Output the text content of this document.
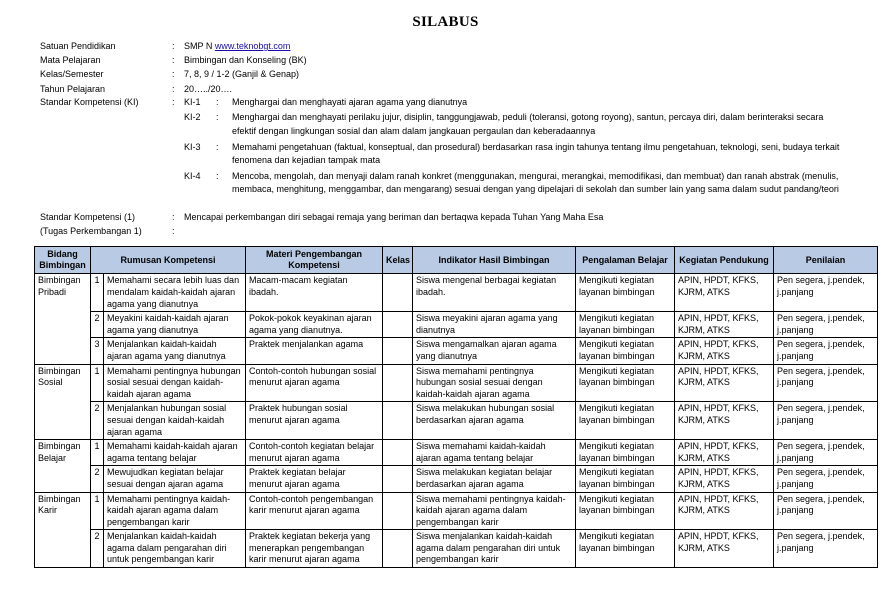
SILABUS
Satuan Pendidikan	:	SMP N www.teknobgt.com
Mata Pelajaran	:	Bimbingan dan Konseling (BK)
Kelas/Semester	:	7, 8, 9 / 1-2 (Ganjil & Genap)
Tahun Pelajaran	:	20…../20….
Standar Kompetensi (KI)	:	KI-1	:	Menghargai dan menghayati ajaran agama yang dianutnya
KI-2	:	Menghargai dan menghayati perilaku jujur, disiplin, tanggungjawab, peduli (toleransi, gotong royong), santun, percaya diri, dalam berinteraksi secara efektif dengan lingkungan sosial dan alam dalam jangkauan pergaulan dan keberadaannya
KI-3	:	Memahami pengetahuan (faktual, konseptual, dan prosedural) berdasarkan rasa ingin tahunya tentang ilmu pengetahuan, teknologi, seni, budaya terkait fenomena dan kejadian tampak mata
KI-4	:	Mencoba, mengolah, dan menyaji dalam ranah konkret (menggunakan, mengurai, merangkai, memodifikasi, dan membuat) dan ranah abstrak (menulis, membaca, menghitung, menggambar, dan mengarang) sesuai dengan yang dipelajari di sekolah dan sumber lain yang sama dalam sudut pandang/teori
Standar Kompetensi (1)	:	Mencapai perkembangan diri sebagai remaja yang beriman dan bertaqwa kepada Tuhan Yang Maha Esa
(Tugas Perkembangan 1)	:
Bidang Bimbingan	Rumusan Kompetensi		Materi Pengembangan Kompetensi	Kelas	Indikator Hasil Bimbingan	Pengalaman Belajar	Kegiatan Pendukung	Penilaian
Bimbingan Pribadi	1	Memahami secara lebih luas dan mendalam kaidah-kaidah ajaran agama yang dianutnya	Macam-macam kegiatan ibadah.		Siswa mengenal berbagai kegiatan ibadah.	Mengikuti kegiatan layanan bimbingan	APIN, HPDT, KFKS, KJRM, ATKS	Pen segera, j.pendek, j.panjang
	2	Meyakini kaidah-kaidah ajaran agama yang dianutnya	Pokok-pokok keyakinan ajaran agama yang dianutnya.		Siswa meyakini ajaran agama yang dianutnya	Mengikuti kegiatan layanan bimbingan	APIN, HPDT, KFKS, KJRM, ATKS	Pen segera, j.pendek, j.panjang
	3	Menjalankan kaidah-kaidah ajaran agama yang dianutnya	Praktek menjalankan agama		Siswa mengamalkan ajaran agama yang dianutnya	Mengikuti kegiatan layanan bimbingan	APIN, HPDT, KFKS, KJRM, ATKS	Pen segera, j.pendek, j.panjang
Bimbingan Sosial	1	Memahami pentingnya hubungan sosial sesuai dengan kaidah-kaidah ajaran agama	Contoh-contoh hubungan sosial menurut ajaran agama		Siswa memahami pentingnya hubungan sosial sesuai dengan kaidah-kaidah ajaran agama	Mengikuti kegiatan layanan bimbingan	APIN, HPDT, KFKS, KJRM, ATKS	Pen segera, j.pendek, j.panjang
	2	Menjalankan hubungan sosial sesuai dengan kaidah-kaidah ajaran agama	Praktek hubungan sosial menurut ajaran agama		Siswa melakukan hubungan sosial berdasarkan ajaran agama	Mengikuti kegiatan layanan bimbingan	APIN, HPDT, KFKS, KJRM, ATKS	Pen segera, j.pendek, j.panjang
Bimbingan Belajar	1	Memahami kaidah-kaidah ajaran agama tentang belajar	Contoh-contoh kegiatan belajar menurut ajaran agama		Siswa memahami kaidah-kaidah ajaran agama tentang belajar	Mengikuti kegiatan layanan bimbingan	APIN, HPDT, KFKS, KJRM, ATKS	Pen segera, j.pendek, j.panjang
	2	Mewujudkan kegiatan belajar sesuai dengan ajaran agama	Praktek kegiatan belajar menurut ajaran agama		Siswa melakukan kegiatan belajar berdasarkan ajaran agama	Mengikuti kegiatan layanan bimbingan	APIN, HPDT, KFKS, KJRM, ATKS	Pen segera, j.pendek, j.panjang
Bimbingan Karir	1	Memahami pentingnya kaidah-kaidah ajaran agama dalam pengembangan karir	Contoh-contoh pengembangan karir menurut ajaran agama		Siswa memahami pentingnya kaidah-kaidah ajaran agama dalam pengembangan karir	Mengikuti kegiatan layanan bimbingan	APIN, HPDT, KFKS, KJRM, ATKS	Pen segera, j.pendek, j.panjang
	2	Menjalankan kaidah-kaidah agama dalam pengarahan diri untuk pengembangan karir	Praktek kegiatan bekerja yang menerapkan pengembangan karir menurut ajaran agama		Siswa menjalankan kaidah-kaidah agama dalam pengarahan diri untuk pengembangan karir	Mengikuti kegiatan layanan bimbingan	APIN, HPDT, KFKS, KJRM, ATKS	Pen segera, j.pendek, j.panjang
